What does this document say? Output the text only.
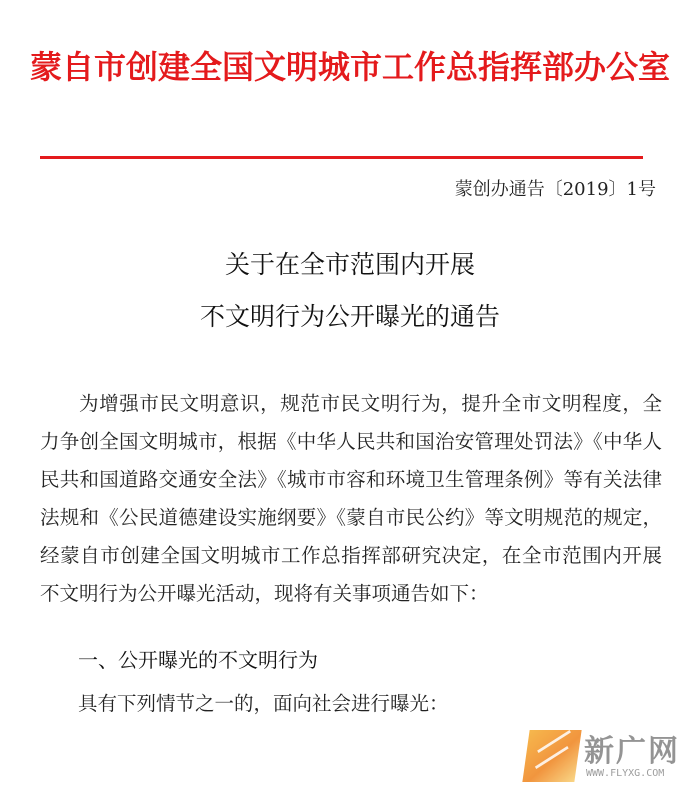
蒙自市创建全国文明城市工作总指挥部办公室
蒙创办通告〔2019〕1号
关于在全市范围内开展
不文明行为公开曝光的通告
为增强市民文明意识，规范市民文明行为，提升全市文明程度，全力争创全国文明城市，根据《中华人民共和国治安管理处罚法》《中华人民共和国道路交通安全法》《城市市容和环境卫生管理条例》等有关法律法规和《公民道德建设实施纲要》《蒙自市民公约》等文明规范的规定，经蒙自市创建全国文明城市工作总指挥部研究决定，在全市范围内开展不文明行为公开曝光活动，现将有关事项通告如下：
一、公开曝光的不文明行为
具有下列情节之一的，面向社会进行曝光：
新广网
WWW.FLYXG.COM
